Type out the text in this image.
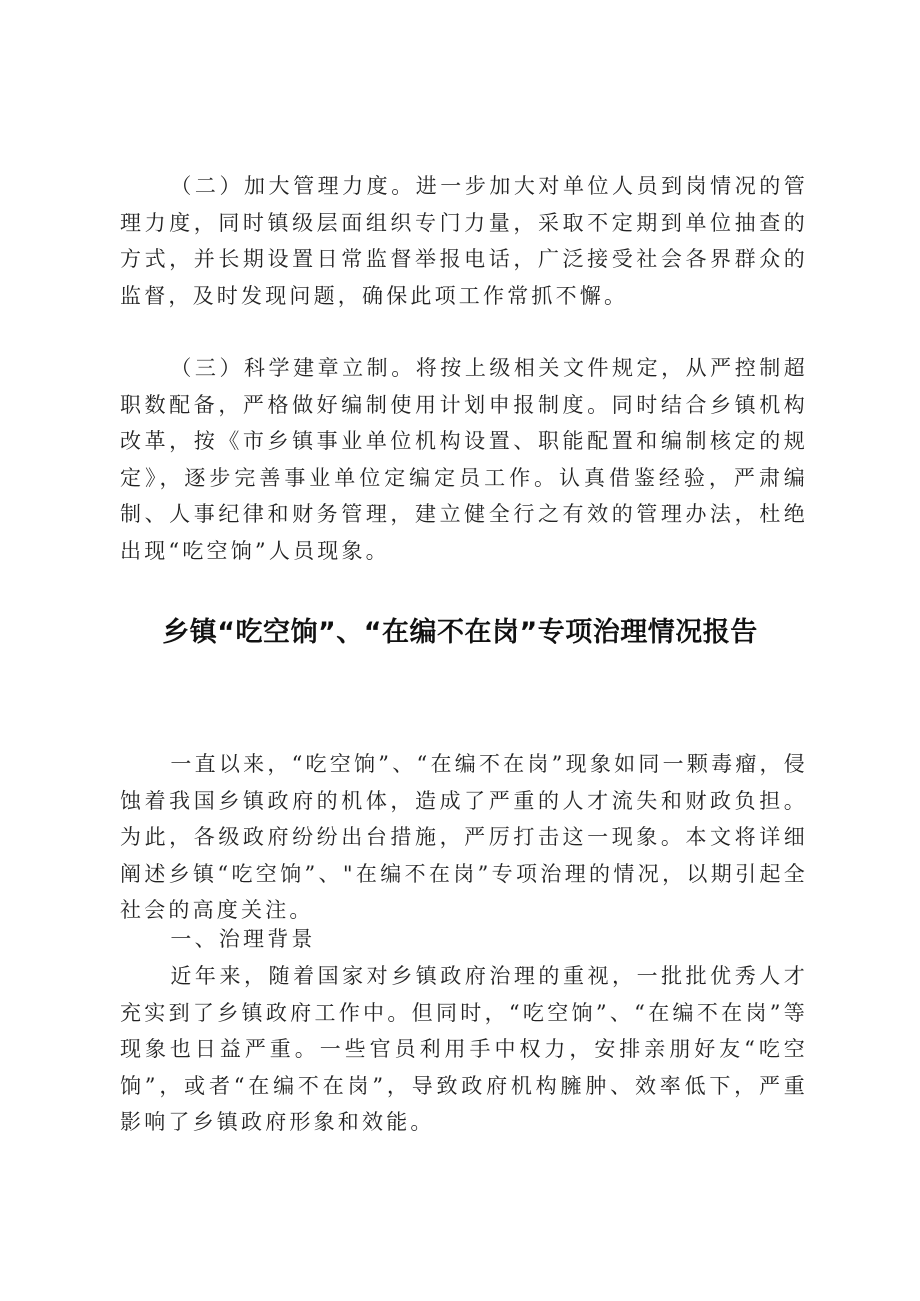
（二）加大管理力度。进一步加大对单位人员到岗情况的管理力度，同时镇级层面组织专门力量，采取不定期到单位抽查的方式，并长期设置日常监督举报电话，广泛接受社会各界群众的监督，及时发现问题，确保此项工作常抓不懈。

（三）科学建章立制。将按上级相关文件规定，从严控制超职数配备，严格做好编制使用计划申报制度。同时结合乡镇机构改革，按《市乡镇事业单位机构设置、职能配置和编制核定的规定》，逐步完善事业单位定编定员工作。认真借鉴经验，严肃编制、人事纪律和财务管理，建立健全行之有效的管理办法，杜绝出现“吃空饷”人员现象。

乡镇“吃空饷”、“在编不在岗”专项治理情况报告

一直以来，“吃空饷”、“在编不在岗”现象如同一颗毒瘤，侵蚀着我国乡镇政府的机体，造成了严重的人才流失和财政负担。为此，各级政府纷纷出台措施，严厉打击这一现象。本文将详细阐述乡镇“吃空饷”、"在编不在岗”专项治理的情况，以期引起全社会的高度关注。

一、治理背景

近年来，随着国家对乡镇政府治理的重视，一批批优秀人才充实到了乡镇政府工作中。但同时，“吃空饷”、“在编不在岗”等现象也日益严重。一些官员利用手中权力，安排亲朋好友“吃空饷”，或者“在编不在岗”，导致政府机构臃肿、效率低下，严重影响了乡镇政府形象和效能。
